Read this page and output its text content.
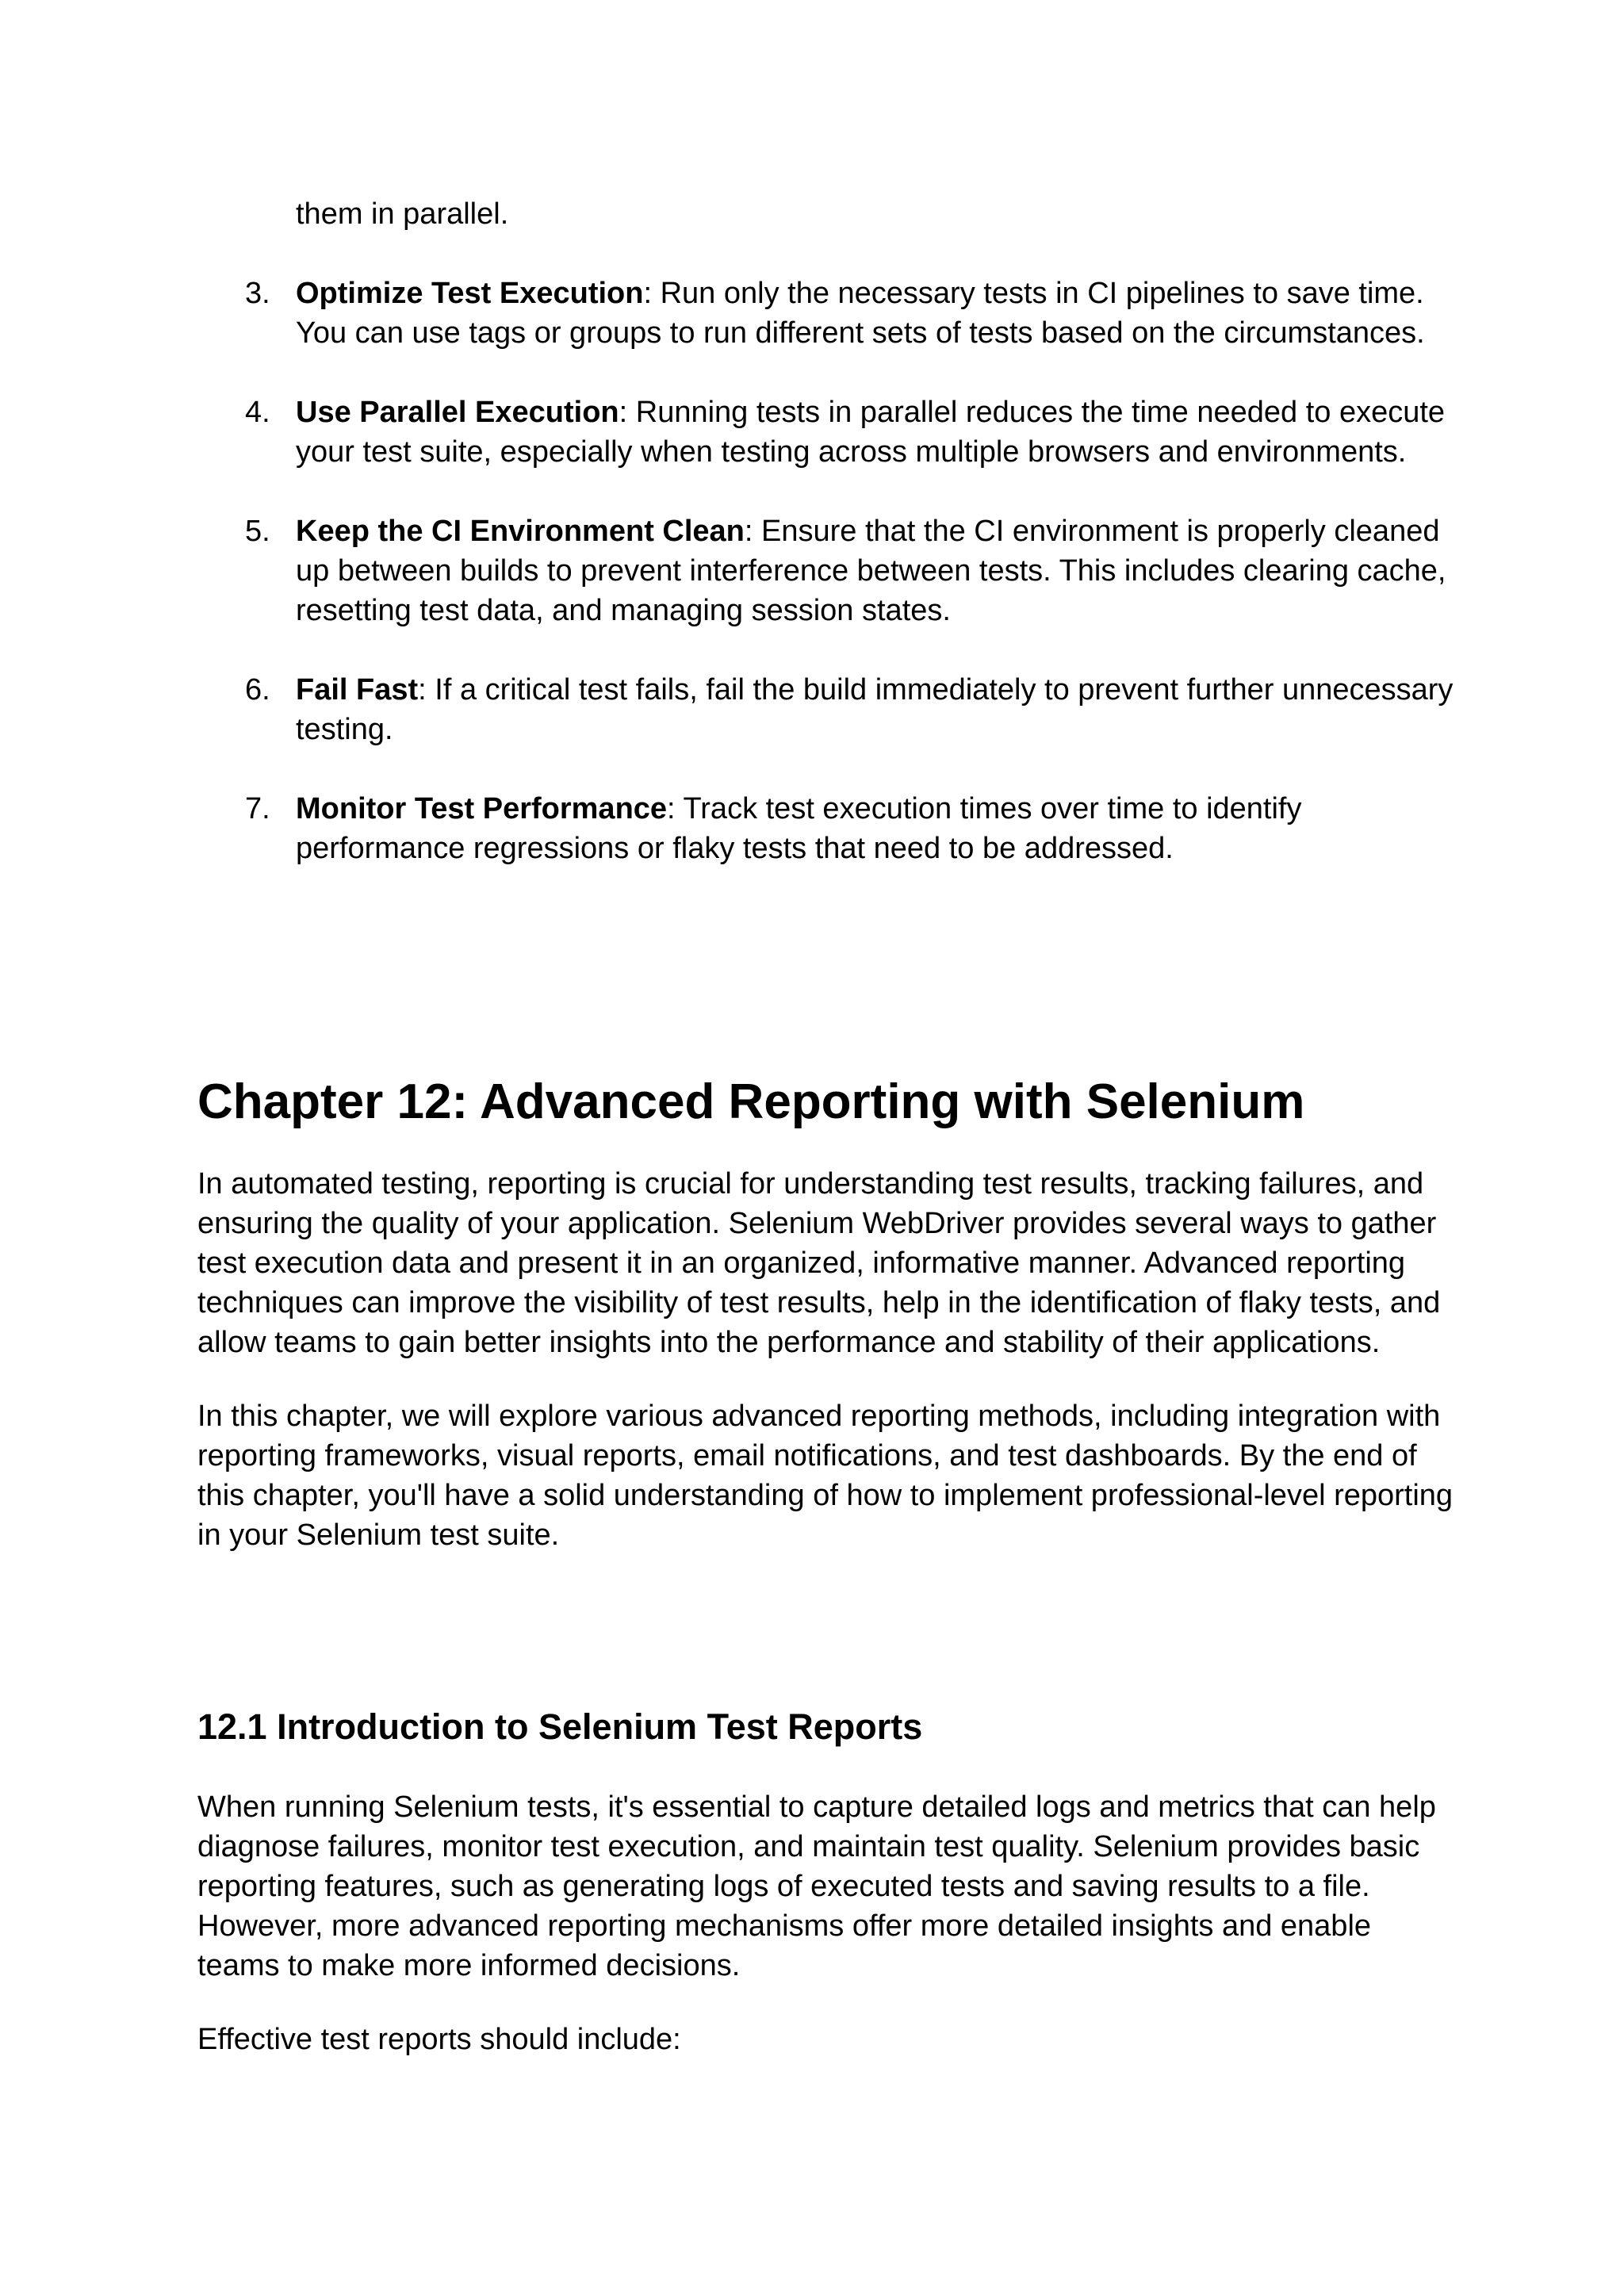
them in parallel.

3. Optimize Test Execution: Run only the necessary tests in CI pipelines to save time. You can use tags or groups to run different sets of tests based on the circumstances.
4. Use Parallel Execution: Running tests in parallel reduces the time needed to execute your test suite, especially when testing across multiple browsers and environments.
5. Keep the CI Environment Clean: Ensure that the CI environment is properly cleaned up between builds to prevent interference between tests. This includes clearing cache, resetting test data, and managing session states.
6. Fail Fast: If a critical test fails, fail the build immediately to prevent further unnecessary testing.
7. Monitor Test Performance: Track test execution times over time to identify performance regressions or flaky tests that need to be addressed.
Chapter 12: Advanced Reporting with Selenium

In automated testing, reporting is crucial for understanding test results, tracking failures, and ensuring the quality of your application. Selenium WebDriver provides several ways to gather test execution data and present it in an organized, informative manner. Advanced reporting techniques can improve the visibility of test results, help in the identification of flaky tests, and allow teams to gain better insights into the performance and stability of their applications.

In this chapter, we will explore various advanced reporting methods, including integration with reporting frameworks, visual reports, email notifications, and test dashboards. By the end of this chapter, you'll have a solid understanding of how to implement professional-level reporting in your Selenium test suite.

12.1 Introduction to Selenium Test Reports

When running Selenium tests, it's essential to capture detailed logs and metrics that can help diagnose failures, monitor test execution, and maintain test quality. Selenium provides basic reporting features, such as generating logs of executed tests and saving results to a file. However, more advanced reporting mechanisms offer more detailed insights and enable teams to make more informed decisions.

Effective test reports should include:
